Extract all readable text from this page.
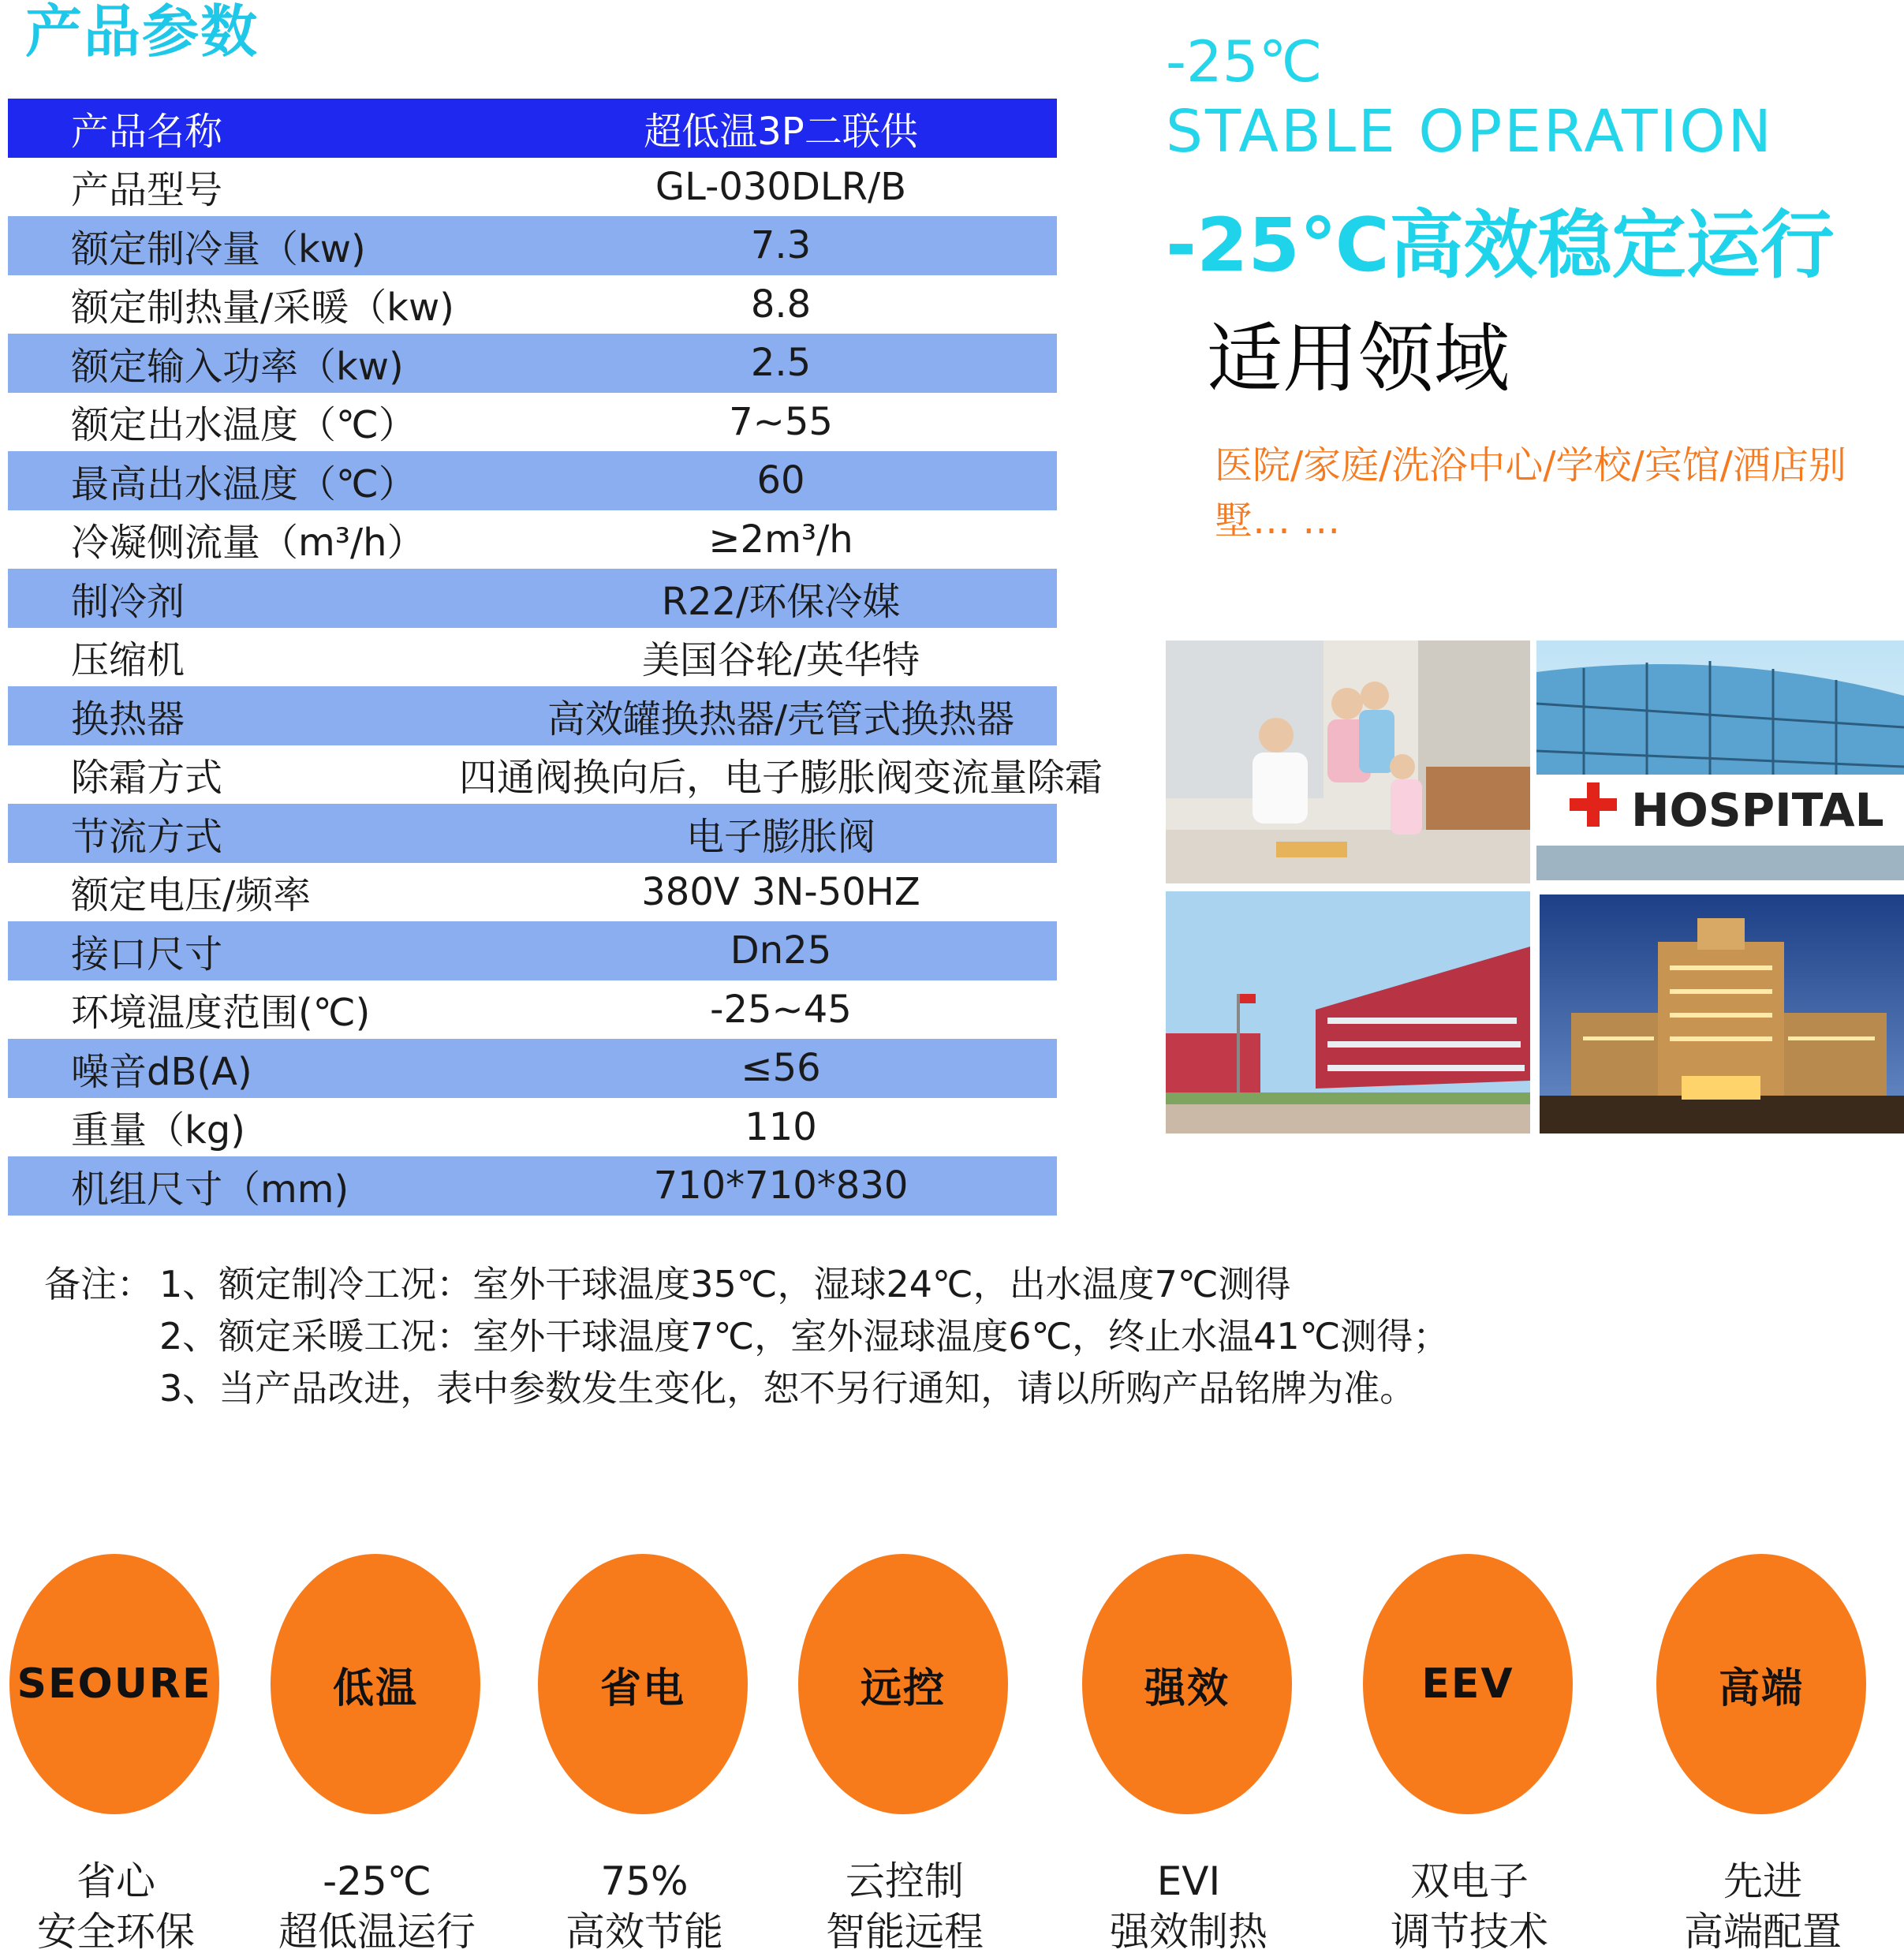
产品参数
产品名称	超低温3P二联供
产品型号	GL-030DLR/B
额定制冷量（kw)	7.3
额定制热量/采暖（kw)	8.8
额定输入功率（kw)	2.5
额定出水温度（℃）	7~55
最高出水温度（℃）	60
冷凝侧流量（m³/h）	≥2m³/h
制冷剂	R22/环保冷媒
压缩机	美国谷轮/英华特
换热器	高效罐换热器/壳管式换热器
除霜方式	四通阀换向后，电子膨胀阀变流量除霜
节流方式	电子膨胀阀
额定电压/频率	380V 3N-50HZ
接口尺寸	Dn25
环境温度范围(℃)	-25~45
噪音dB(A)	≤56
重量（kg)	110
机组尺寸（mm)	710*710*830
-25℃
STABLE OPERATION
-25℃高效稳定运行
适用领域
医院/家庭/洗浴中心/学校/宾馆/酒店别墅… …
HOSPITAL
备注： 1、额定制冷工况：室外干球温度35℃，湿球24℃，出水温度7℃测得
2、额定采暖工况：室外干球温度7℃，室外湿球温度6℃，终止水温41℃测得；
3、当产品改进，表中参数发生变化，恕不另行通知，请以所购产品铭牌为准。
SEOURE
省心
安全环保
低温
-25℃
超低温运行
省电
75%
高效节能
远控
云控制
智能远程
强效
EVI
强效制热
EEV
双电子
调节技术
高端
先进
高端配置
